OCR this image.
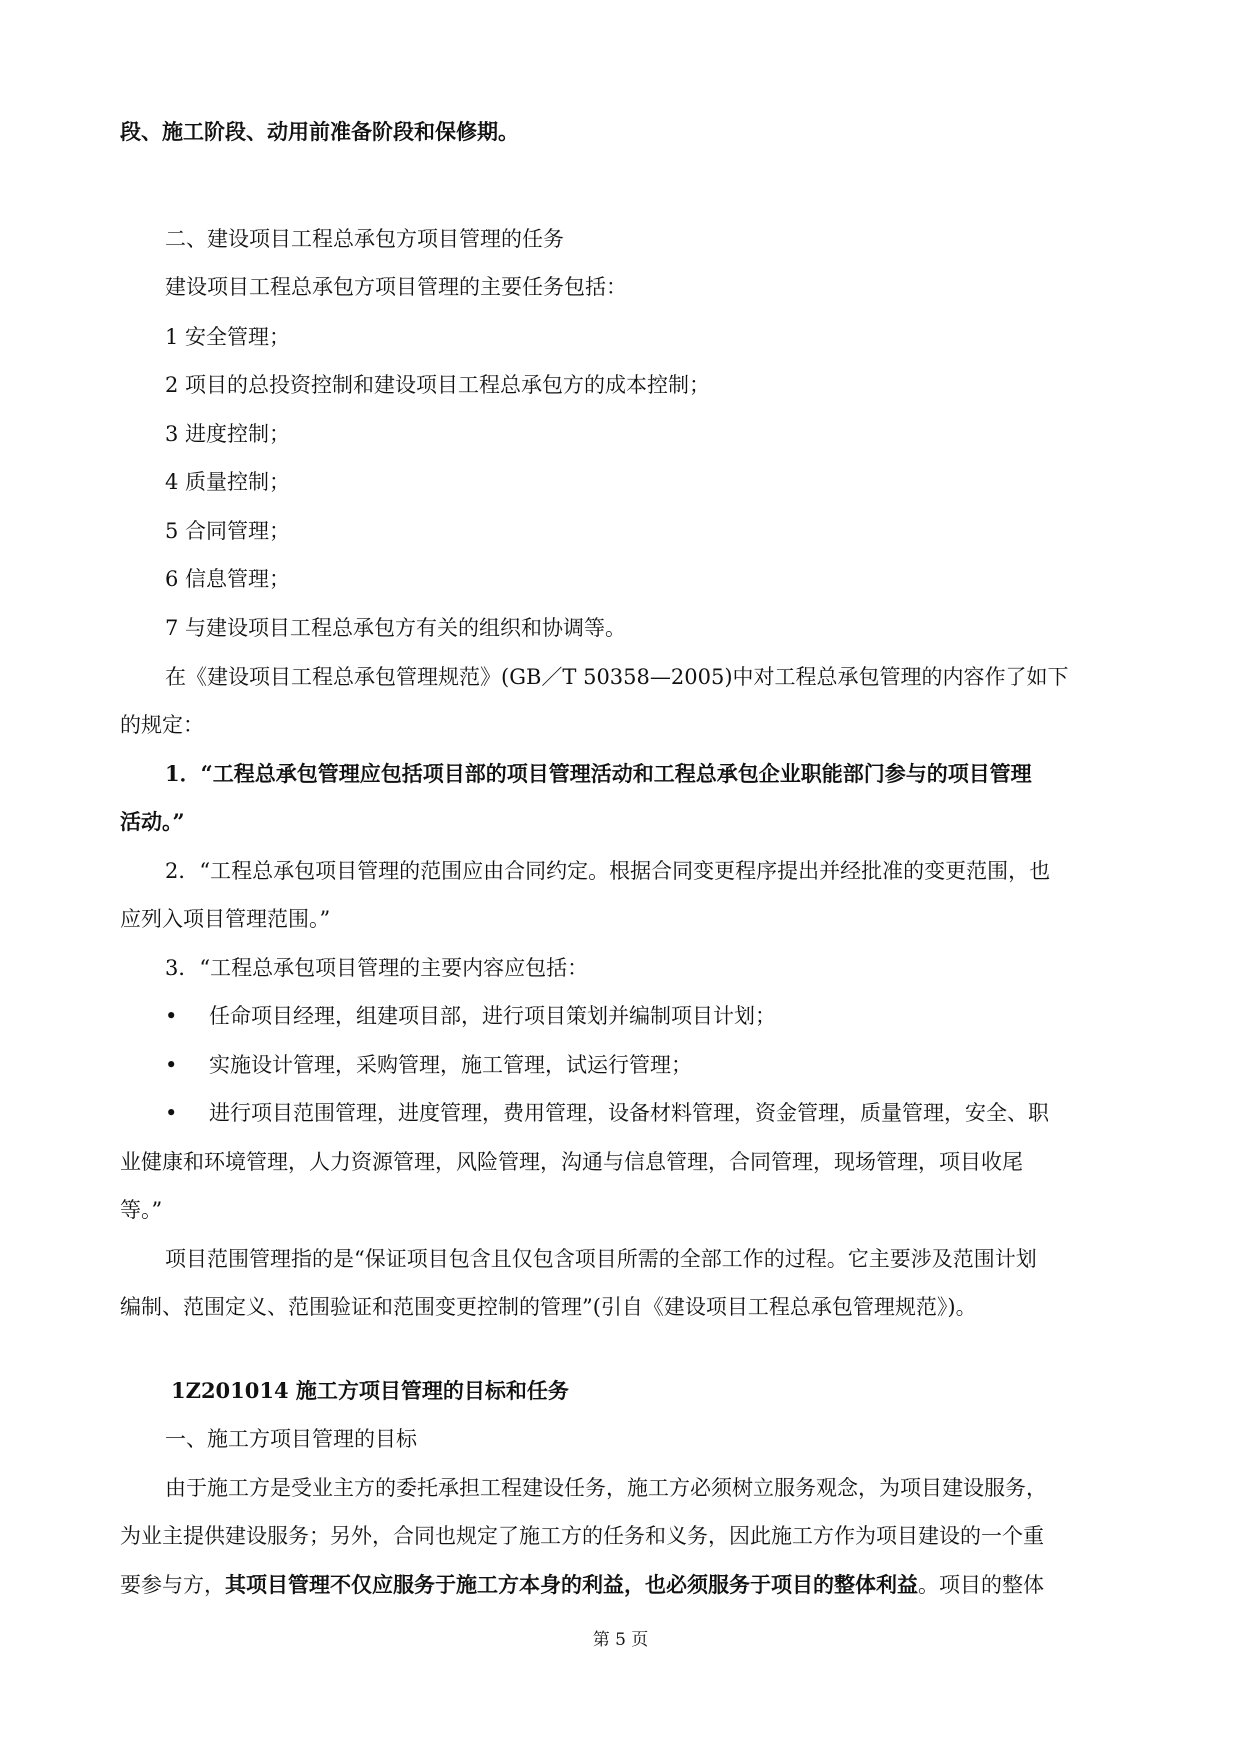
段、施工阶段、动用前准备阶段和保修期。

二、建设项目工程总承包方项目管理的任务

建设项目工程总承包方项目管理的主要任务包括：

1 安全管理；

2 项目的总投资控制和建设项目工程总承包方的成本控制；

3 进度控制；

4 质量控制；

5 合同管理；

6 信息管理；

7 与建设项目工程总承包方有关的组织和协调等。

在《建设项目工程总承包管理规范》(GB／T 50358—2005)中对工程总承包管理的内容作了如下

的规定：

1．“工程总承包管理应包括项目部的项目管理活动和工程总承包企业职能部门参与的项目管理

活动。”

2．“工程总承包项目管理的范围应由合同约定。根据合同变更程序提出并经批准的变更范围，也

应列入项目管理范围。”

3．“工程总承包项目管理的主要内容应包括：

• 任命项目经理，组建项目部，进行项目策划并编制项目计划；
• 实施设计管理，采购管理，施工管理，试运行管理；
• 进行项目范围管理，进度管理，费用管理，设备材料管理，资金管理，质量管理，安全、职

业健康和环境管理，人力资源管理，风险管理，沟通与信息管理，合同管理，现场管理，项目收尾

等。”

项目范围管理指的是“保证项目包含且仅包含项目所需的全部工作的过程。它主要涉及范围计划

编制、范围定义、范围验证和范围变更控制的管理”(引自《建设项目工程总承包管理规范》)。

1Z201014 施工方项目管理的目标和任务

一、施工方项目管理的目标

由于施工方是受业主方的委托承担工程建设任务，施工方必须树立服务观念，为项目建设服务，

为业主提供建设服务；另外，合同也规定了施工方的任务和义务，因此施工方作为项目建设的一个重

要参与方，其项目管理不仅应服务于施工方本身的利益，也必须服务于项目的整体利益。项目的整体

第 5 页
